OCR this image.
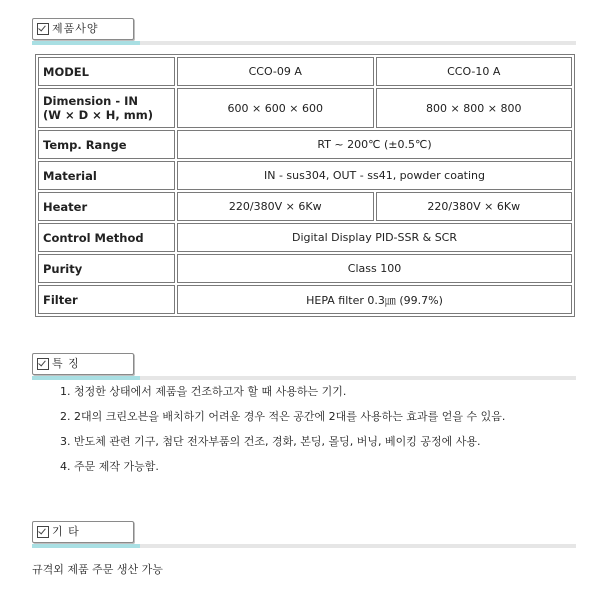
제품사양
MODEL	CCO-09 A	CCO-10 A

Dimension - IN
(W × D × H, mm)	600 × 600 × 600	800 × 800 × 800
Temp. Range	RT ~ 200℃ (±0.5℃)	
Material	IN - sus304, OUT - ss41, powder coating	
Heater	220/380V × 6Kw	220/380V × 6Kw
Control Method	Digital Display PID-SSR & SCR	
Purity	Class 100	
Filter	HEPA filter 0.3㎛ (99.7%)	
특 징
1. 청정한 상태에서 제품을 건조하고자 할 때 사용하는 기기.
2. 2대의 크린오븐을 배치하기 어려운 경우 적은 공간에 2대를 사용하는 효과를 얻을 수 있음.
3. 반도체 관련 기구, 첨단 전자부품의 건조, 경화, 본딩, 몰딩, 버닝, 베이킹 공정에 사용.
4. 주문 제작 가능함.
기 타
규격외 제품 주문 생산 가능
